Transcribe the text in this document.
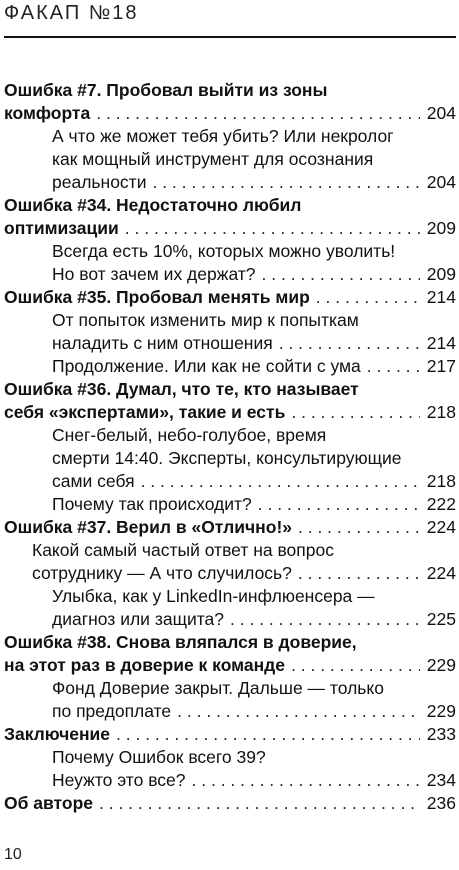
ФАКАП №18
Ошибка #7. Пробовал выйти из зоны
комфорта . . .	204
А что же может тебя убить? Или некролог
как мощный инструмент для осознания
реальности . . .	204
Ошибка #34. Недостаточно любил
оптимизации . . .	209
Всегда есть 10%, которых можно уволить!
Но вот зачем их держат? . . .	209
Ошибка #35. Пробовал менять мир . . .	214
От попыток изменить мир к попыткам
наладить с ним отношения . . .	214
Продолжение. Или как не сойти с ума . . .	217
Ошибка #36. Думал, что те, кто называет
себя «экспертами», такие и есть . . .	218
Снег-белый, небо-голубое, время
смерти 14:40. Эксперты, консультирующие
сами себя . . .	218
Почему так происходит? . . .	222
Ошибка #37. Верил в «Отлично!» . . .	224
Какой самый частый ответ на вопрос
сотруднику — А что случилось? . . .	224
Улыбка, как у LinkedIn-инфлюенсера —
диагноз или защита? . . .	225
Ошибка #38. Снова вляпался в доверие,
на этот раз в доверие к команде . . .	229
Фонд Доверие закрыт. Дальше — только
по предоплате . . .	229
Заключение . . .	233
Почему Ошибок всего 39?
Неужто это все? . . .	234
Об авторе . . .	236
10
